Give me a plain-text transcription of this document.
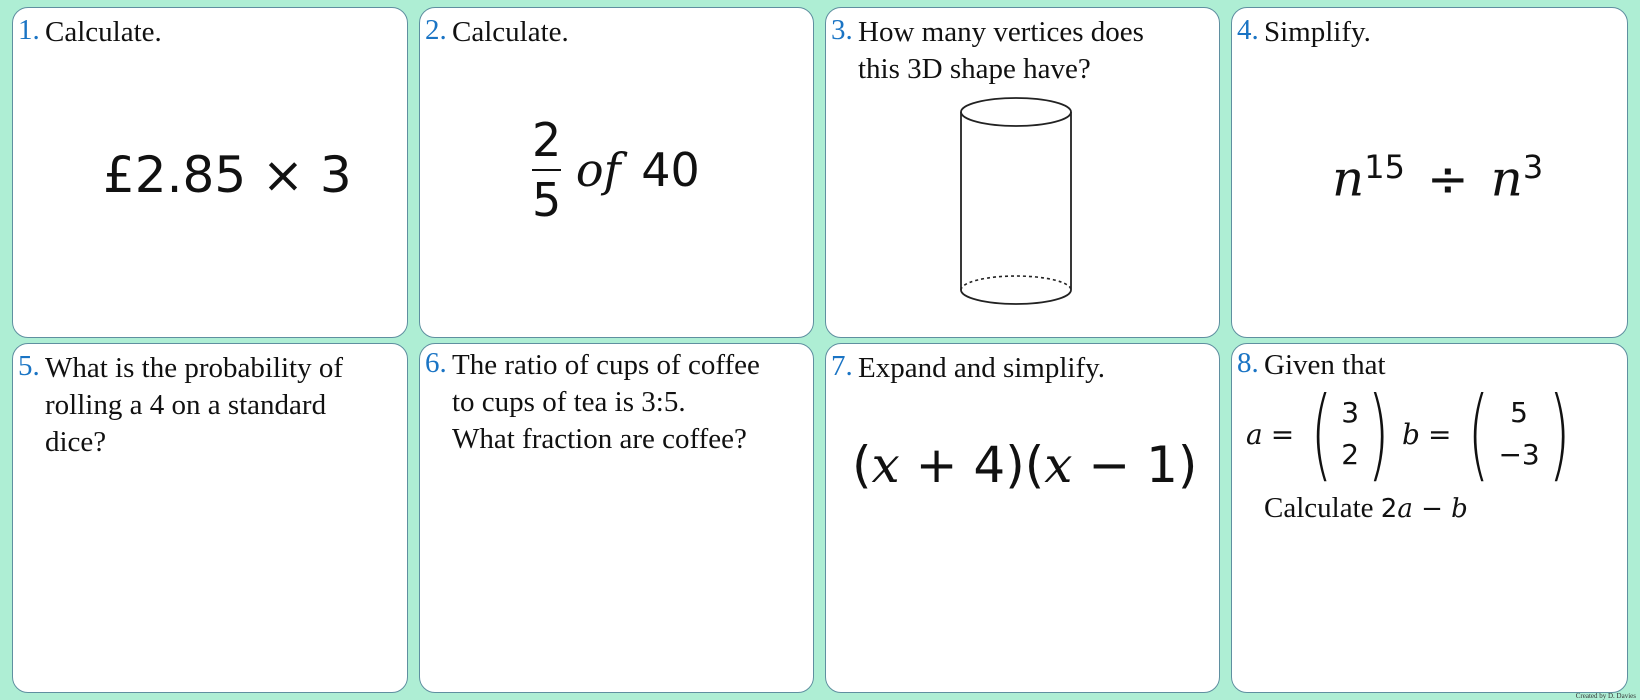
1. Calculate.
£2.85 × 3
2. Calculate.
$\frac{2}{5}$ of 40
3. How many vertices does
this 3D shape have?
4. Simplify.
$n^{15} \div n^3$
5. What is the probability of
rolling a 4 on a standard
dice?
6. The ratio of cups of coffee
to cups of tea is 3:5.
What fraction are coffee?
7. Expand and simplify.
(x + 4)(x − 1)
8. Given that
a = ( 3
2 ) b = ( 5
−3 )
Calculate 2a − b
Created by D. Davies
